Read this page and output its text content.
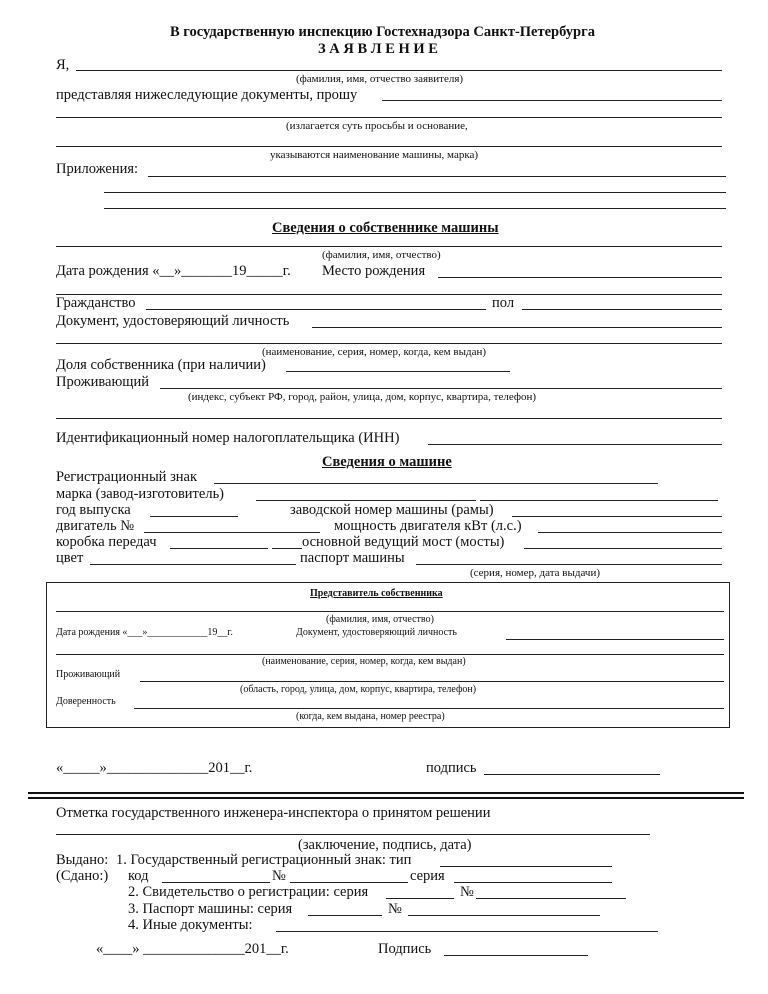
В государственную инспекцию Гостехнадзора Санкт-Петербурга
З А Я В Л Е Н И Е
Я,
(фамилия, имя, отчество заявителя)
представляя нижеследующие документы, прошу
(излагается суть просьбы и основание,
указываются наименование машины, марка)
Приложения:
Сведения о собственнике машины
(фамилия, имя, отчество)
Дата рождения «__»_______19_____г. Место рождения
Гражданство	пол
Документ, удостоверяющий личность
(наименование, серия, номер, когда, кем выдан)
Доля собственника (при наличии)
Проживающий
(индекс, субъект РФ, город, район, улица, дом, корпус, квартира, телефон)
Идентификационный номер налогоплательщика (ИНН)
Сведения о машине
Регистрационный знак
марка (завод-изготовитель)
год выпуска	заводской номер машины (рамы)
двигатель №	мощность двигателя кВт (л.с.)
коробка передач	основной ведущий мост (мосты)
цвет	паспорт машины
(серия, номер, дата выдачи)
Представитель собственника
(фамилия, имя, отчество)
Дата рождения «___»____________19__г.	Документ, удостоверяющий личность
(наименование, серия, номер, когда, кем выдан)
Проживающий
(область, город, улица, дом, корпус, квартира, телефон)
Доверенность
(когда, кем выдана, номер реестра)
«_____»______________201__г.	подпись
Отметка государственного инженера-инспектора о принятом решении
(заключение, подпись, дата)
Выдано: 1. Государственный регистрационный знак: тип
(Сдано:) код	№	серия
2. Свидетельство о регистрации: серия	№
3. Паспорт машины: серия	№
4. Иные документы:
«____» ______________201__г.	Подпись
